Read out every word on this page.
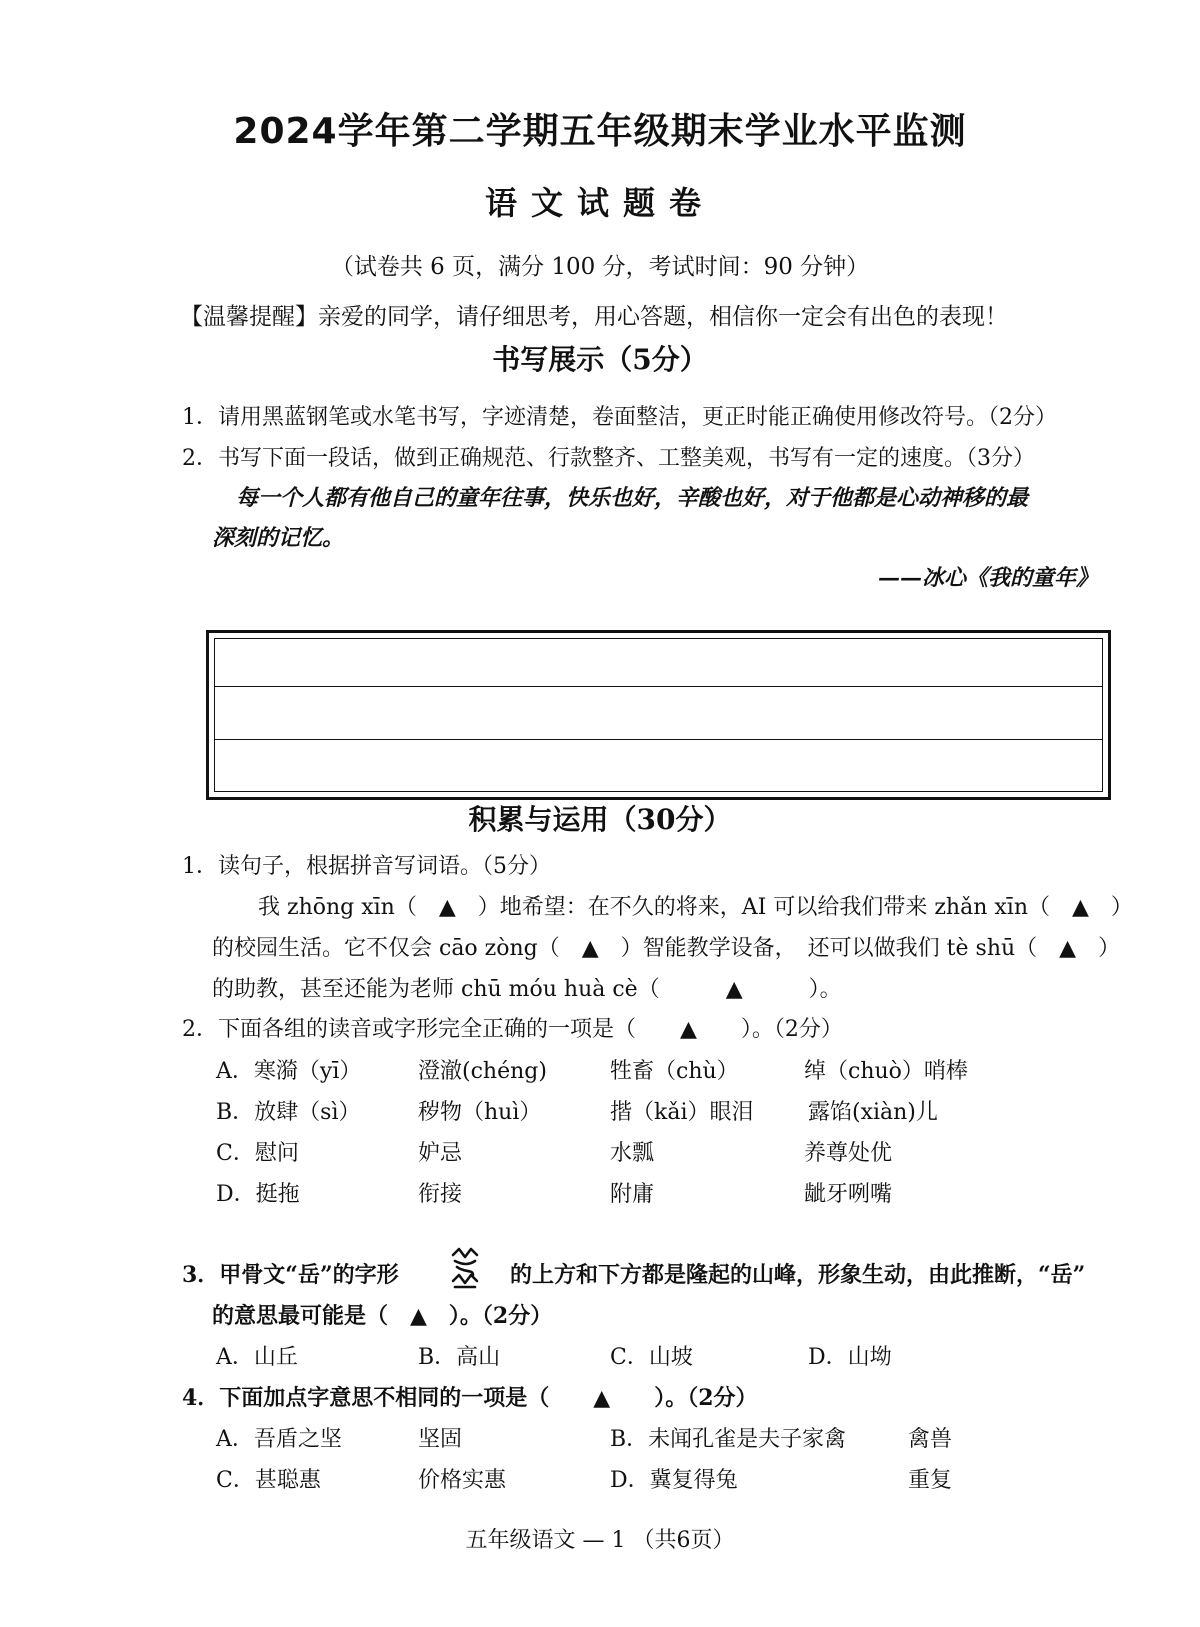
2024学年第二学期五年级期末学业水平监测
语文试题卷
（试卷共 6 页，满分 100 分，考试时间：90 分钟）
【温馨提醒】亲爱的同学，请仔细思考，用心答题，相信你一定会有出色的表现！
书写展示（5分）
1．请用黑蓝钢笔或水笔书写，字迹清楚，卷面整洁，更正时能正确使用修改符号。（2分）
2．书写下面一段话，做到正确规范、行款整齐、工整美观，书写有一定的速度。（3分）
每一个人都有他自己的童年往事，快乐也好，辛酸也好，对于他都是心动神移的最
深刻的记忆。
——冰心《我的童年》
积累与运用（30分）
1．读句子，根据拼音写词语。（5分）
我 zhōng xīn（　▲　）地希望：在不久的将来，AI 可以给我们带来 zhǎn xīn（　▲　）
的校园生活。它不仅会 cāo zòng（　▲　）智能教学设备，　还可以做我们 tè shū（　▲　）
的助教，甚至还能为老师 chū móu huà cè（　　　▲　　　）。
2．下面各组的读音或字形完全正确的一项是（　　▲　　）。（2分）
A．寒漪（yī）	澄澈(chéng)	牲畜（chù）	绰（chuò）哨棒
B．放肆（sì）	秽物（huì）	揩（kǎi）眼泪 露馅(xiàn)儿
C．慰问	妒忌	水瓢	养尊处优
D．挺拖	衔接	附庸	龇牙咧嘴
3．甲骨文“岳”的字形	的上方和下方都是隆起的山峰，形象生动，由此推断，“岳”
的意思最可能是（　▲　）。（2分）
A．山丘	B．高山	C．山坡	D．山坳
4．下面加点字意思不相同的一项是（　　▲　　）。（2分）
A．吾盾之坚	坚固	B．未闻孔雀是夫子家禽	禽兽
C．甚聪惠	价格实惠	D．冀复得兔	重复
五年级语文 — 1 （共6页）
